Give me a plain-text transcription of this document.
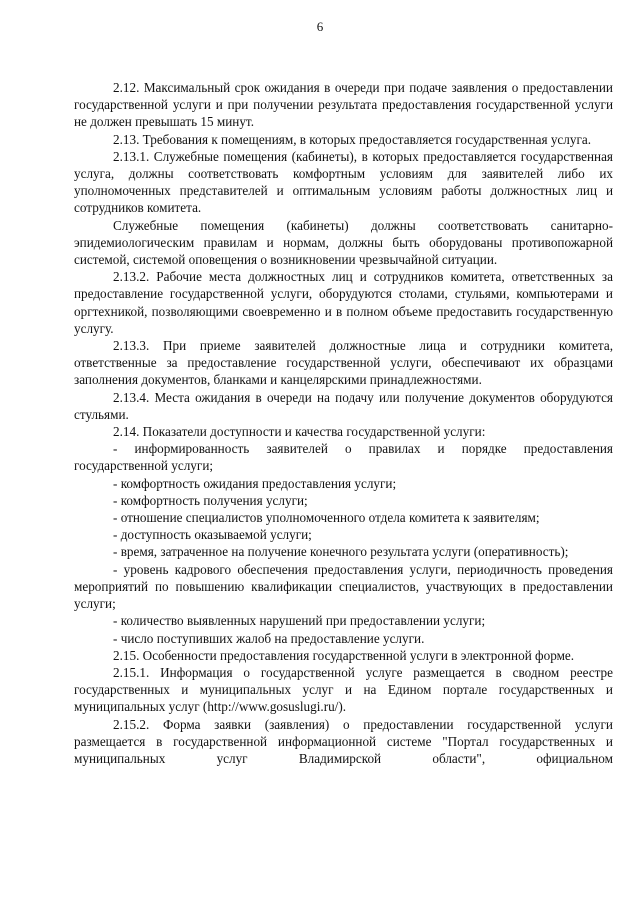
6

2.12. Максимальный срок ожидания в очереди при подаче заявления о предоставлении государственной услуги и при получении результата предоставления государственной услуги не должен превышать 15 минут.

2.13. Требования к помещениям, в которых предоставляется государственная услуга.

2.13.1. Служебные помещения (кабинеты), в которых предоставляется государственная услуга, должны соответствовать комфортным условиям для заявителей либо их уполномоченных представителей и оптимальным условиям работы должностных лиц и сотрудников комитета.

Служебные помещения (кабинеты) должны соответствовать санитарно-эпидемиологическим правилам и нормам, должны быть оборудованы противопожарной системой, системой оповещения о возникновении чрезвычайной ситуации.

2.13.2. Рабочие места должностных лиц и сотрудников комитета, ответственных за предоставление государственной услуги, оборудуются столами, стульями, компьютерами и оргтехникой, позволяющими своевременно и в полном объеме предоставить государственную услугу.

2.13.3. При приеме заявителей должностные лица и сотрудники комитета, ответственные за предоставление государственной услуги, обеспечивают их образцами заполнения документов, бланками и канцелярскими принадлежностями.

2.13.4. Места ожидания в очереди на подачу или получение документов оборудуются стульями.

2.14. Показатели доступности и качества государственной услуги:

- информированность заявителей о правилах и порядке предоставления государственной услуги;

- комфортность ожидания предоставления услуги;

- комфортность получения услуги;

- отношение специалистов уполномоченного отдела комитета к заявителям;

- доступность оказываемой услуги;

- время, затраченное на получение конечного результата услуги (оперативность);

- уровень кадрового обеспечения предоставления услуги, периодичность проведения мероприятий по повышению квалификации специалистов, участвующих в предоставлении услуги;

- количество выявленных нарушений при предоставлении услуги;

- число поступивших жалоб на предоставление услуги.

2.15. Особенности предоставления государственной услуги в электронной форме.

2.15.1. Информация о государственной услуге размещается в сводном реестре государственных и муниципальных услуг и на Едином портале государственных и муниципальных услуг (http://www.gosuslugi.ru/).

2.15.2. Форма заявки (заявления) о предоставлении государственной услуги размещается в государственной информационной системе "Портал государственных и муниципальных услуг Владимирской области", официальном
